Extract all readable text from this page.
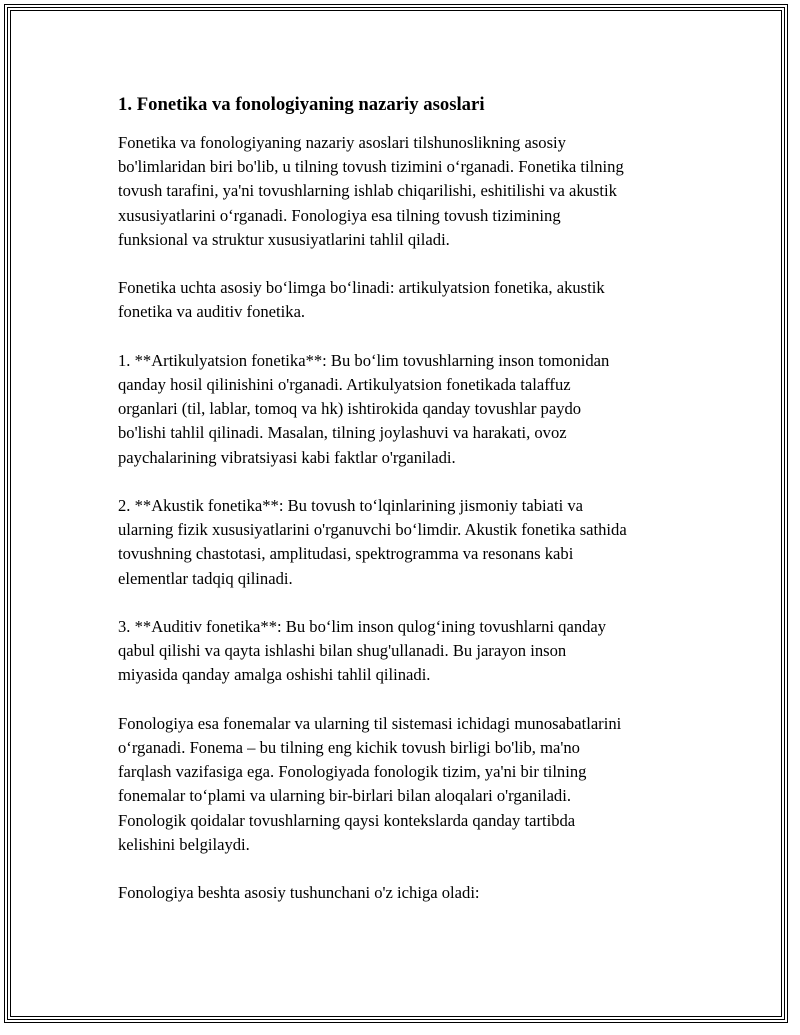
1. Fonetika va fonologiyaning nazariy asoslari
Fonetika va fonologiyaning nazariy asoslari tilshunoslikning asosiy
bo'limlaridan biri bo'lib, u tilning tovush tizimini o‘rganadi. Fonetika tilning
tovush tarafini, ya'ni tovushlarning ishlab chiqarilishi, eshitilishi va akustik
xususiyatlarini o‘rganadi. Fonologiya esa tilning tovush tizimining
funksional va struktur xususiyatlarini tahlil qiladi.
Fonetika uchta asosiy bo‘limga bo‘linadi: artikulyatsion fonetika, akustik
fonetika va auditiv fonetika.
1. **Artikulyatsion fonetika**: Bu bo‘lim tovushlarning inson tomonidan
qanday hosil qilinishini o'rganadi. Artikulyatsion fonetikada talaffuz
organlari (til, lablar, tomoq va hk) ishtirokida qanday tovushlar paydo
bo'lishi tahlil qilinadi. Masalan, tilning joylashuvi va harakati, ovoz
paychalarining vibratsiyasi kabi faktlar o'rganiladi.
2. **Akustik fonetika**: Bu tovush to‘lqinlarining jismoniy tabiati va
ularning fizik xususiyatlarini o'rganuvchi bo‘limdir. Akustik fonetika sathida
tovushning chastotasi, amplitudasi, spektrogramma va resonans kabi
elementlar tadqiq qilinadi.
3. **Auditiv fonetika**: Bu bo‘lim inson qulog‘ining tovushlarni qanday
qabul qilishi va qayta ishlashi bilan shug'ullanadi. Bu jarayon inson
miyasida qanday amalga oshishi tahlil qilinadi.
Fonologiya esa fonemalar va ularning til sistemasi ichidagi munosabatlarini
o‘rganadi. Fonema – bu tilning eng kichik tovush birligi bo'lib, ma'no
farqlash vazifasiga ega. Fonologiyada fonologik tizim, ya'ni bir tilning
fonemalar to‘plami va ularning bir-birlari bilan aloqalari o'rganiladi.
Fonologik qoidalar tovushlarning qaysi kontekslarda qanday tartibda
kelishini belgilaydi.
Fonologiya beshta asosiy tushunchani o'z ichiga oladi:
